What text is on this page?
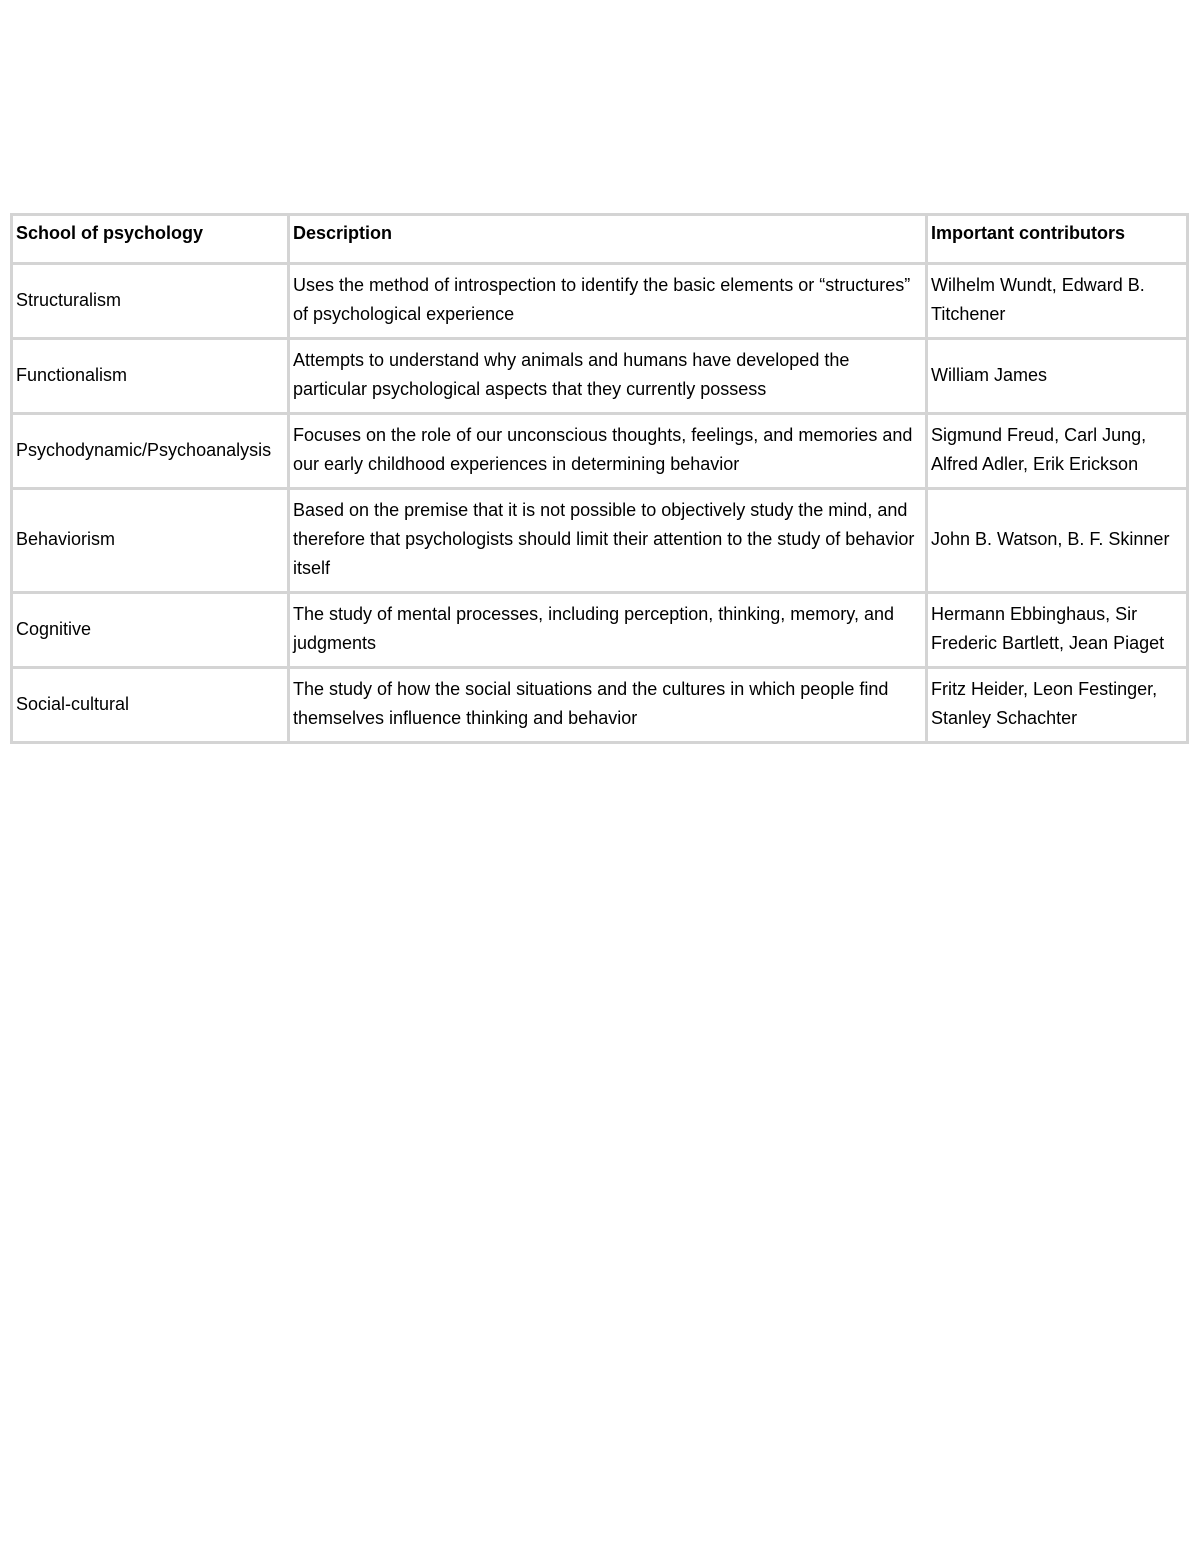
School of psychology	Description	Important contributors
Structuralism	Uses the method of introspection to identify the basic elements or “structures” of psychological experience	Wilhelm Wundt, Edward B. Titchener
Functionalism	Attempts to understand why animals and humans have developed the particular psychological aspects that they currently possess	William James
Psychodynamic/Psychoanalysis	Focuses on the role of our unconscious thoughts, feelings, and memories and our early childhood experiences in determining behavior	Sigmund Freud, Carl Jung, Alfred Adler, Erik Erickson
Behaviorism	Based on the premise that it is not possible to objectively study the mind, and therefore that psychologists should limit their attention to the study of behavior itself	John B. Watson, B. F. Skinner
Cognitive	The study of mental processes, including perception, thinking, memory, and judgments	Hermann Ebbinghaus, Sir Frederic Bartlett, Jean Piaget
Social-cultural	The study of how the social situations and the cultures in which people find themselves influence thinking and behavior	Fritz Heider, Leon Festinger, Stanley Schachter
